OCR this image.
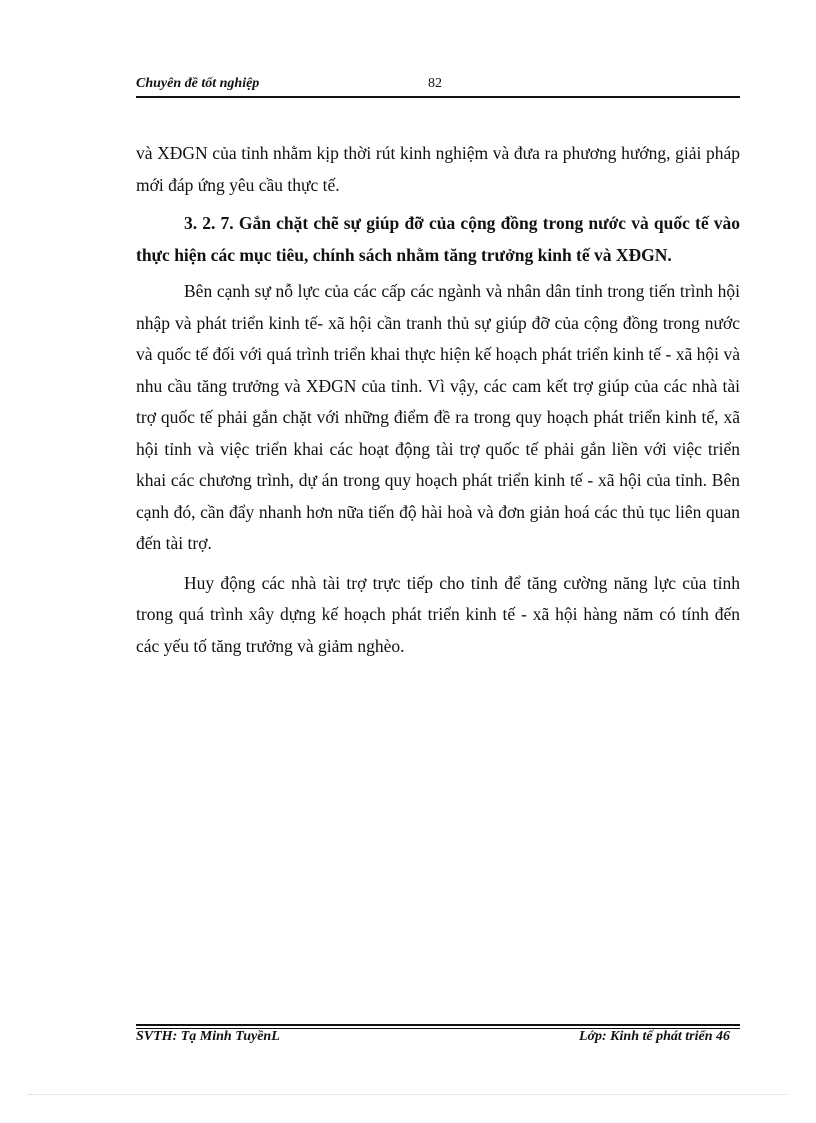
Chuyên đề tốt nghiệp	82

và XĐGN của tỉnh nhằm kịp thời rút kinh nghiệm và đưa ra phương hướng, giải pháp mới đáp ứng yêu cầu thực tế.

3. 2. 7. Gắn chặt chẽ sự giúp đỡ của cộng đồng trong nước và quốc tế vào thực hiện các mục tiêu, chính sách nhằm tăng trưởng kinh tế và XĐGN.

Bên cạnh sự nỗ lực của các cấp các ngành và nhân dân tỉnh trong tiến trình hội nhập và phát triển kinh tế- xã hội cần tranh thủ sự giúp đỡ của cộng đồng trong nước và quốc tế đối với quá trình triển khai thực hiện kế hoạch phát triển kinh tế - xã hội và nhu cầu tăng trưởng và XĐGN của tỉnh. Vì vậy, các cam kết trợ giúp của các nhà tài trợ quốc tế phải gắn chặt với những điểm đề ra trong quy hoạch phát triển kinh tế, xã hội tỉnh và việc triển khai các hoạt động tài trợ quốc tế phải gắn liền với việc triển khai các chương trình, dự án trong quy hoạch phát triển kinh tế - xã hội của tỉnh. Bên cạnh đó, cần đẩy nhanh hơn nữa tiến độ hài hoà và đơn giản hoá các thủ tục liên quan đến tài trợ.

Huy động các nhà tài trợ trực tiếp cho tỉnh để tăng cường năng lực của tỉnh trong quá trình xây dựng kế hoạch phát triển kinh tế - xã hội hàng năm có tính đến các yếu tố tăng trưởng và giảm nghèo.

SVTH: Tạ Minh TuyềnL	Lớp: Kinh tế phát triển 46
